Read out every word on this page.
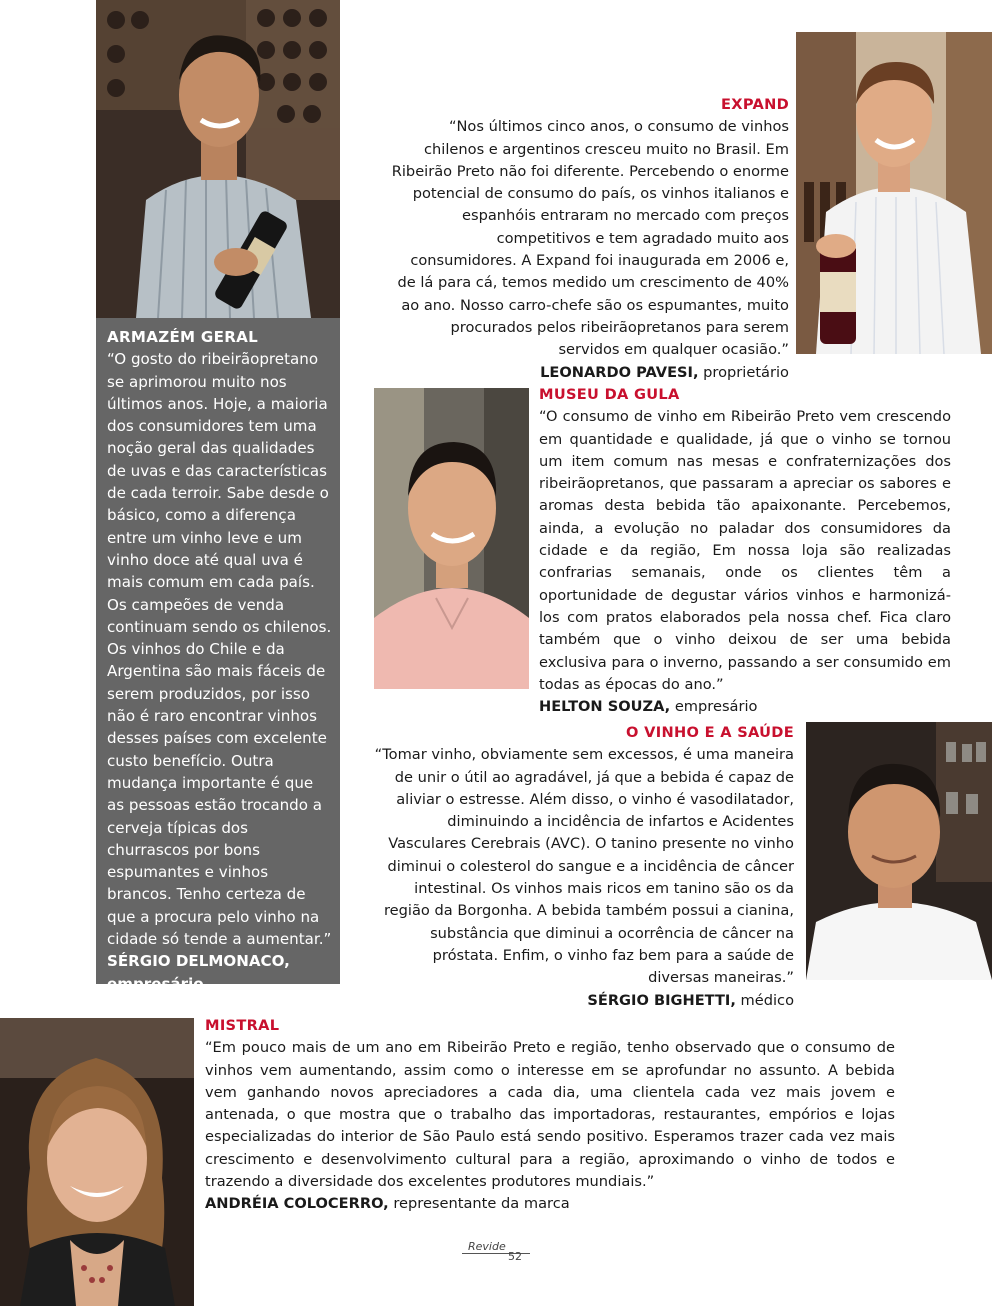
ARMAZÉM GERAL

“O gosto do ribeirãopretano se aprimorou muito nos últimos anos. Hoje, a maioria dos consumidores tem uma noção geral das qualidades de uvas e das características de cada terroir. Sabe desde o básico, como a diferença entre um vinho leve e um vinho doce até qual uva é mais comum em cada país. Os campeões de venda continuam sendo os chilenos. Os vinhos do Chile e da Argentina são mais fáceis de serem produzidos, por isso não é raro encontrar vinhos desses países com excelente custo benefício. Outra mudança importante é que as pessoas estão trocando a cerveja típicas dos churrascos por bons espumantes e vinhos brancos. Tenho certeza de que a procura pelo vinho na cidade só tende a aumentar.”

SÉRGIO DELMONACO,
empresário
EXPAND

“Nos últimos cinco anos, o consumo de vinhos chilenos e argentinos cresceu muito no Brasil. Em Ribeirão Preto não foi diferente. Percebendo o enorme potencial de consumo do país, os vinhos italianos e espanhóis entraram no mercado com preços competitivos e tem agradado muito aos consumidores. A Expand foi inaugurada em 2006 e, de lá para cá, temos medido um crescimento de 40% ao ano. Nosso carro-chefe são os espumantes, muito procurados pelos ribeirãopretanos para serem servidos em qualquer ocasião.”

LEONARDO PAVESI, proprietário
MUSEU DA GULA

“O consumo de vinho em Ribeirão Preto vem crescendo em quantidade e qualidade, já que o vinho se tornou um item comum nas mesas e confraternizações dos ribeirãopretanos, que passaram a apreciar os sabores e aromas desta bebida tão apaixonante. Percebemos, ainda, a evolução no paladar dos consumidores da cidade e da região, Em nossa loja são realizadas confrarias semanais, onde os clientes têm a oportunidade de degustar vários vinhos e harmonizá-los com pratos elaborados pela nossa chef. Fica claro também que o vinho deixou de ser uma bebida exclusiva para o inverno, passando a ser consumido em todas as épocas do ano.”

HELTON SOUZA, empresário
O VINHO E A SAÚDE

“Tomar vinho, obviamente sem excessos, é uma maneira de unir o útil ao agradável, já que a bebida é capaz de aliviar o estresse. Além disso, o vinho é vasodilatador, diminuindo a incidência de infartos e Acidentes Vasculares Cerebrais (AVC). O tanino presente no vinho diminui o colesterol do sangue e a incidência de câncer intestinal. Os vinhos mais ricos em tanino são os da região da Borgonha. A bebida também possui a cianina, substância que diminui a ocorrência de câncer na próstata. Enfim, o vinho faz bem para a saúde de diversas maneiras.”

SÉRGIO BIGHETTI, médico
MISTRAL

“Em pouco mais de um ano em Ribeirão Preto e região, tenho observado que o consumo de vinhos vem aumentando, assim como o interesse em se aprofundar no assunto. A bebida vem ganhando novos apreciadores a cada dia, uma clientela cada vez mais jovem e antenada, o que mostra que o trabalho das importadoras, restaurantes, empórios e lojas especializadas do interior de São Paulo está sendo positivo. Esperamos trazer cada vez mais crescimento e desenvolvimento cultural para a região, aproximando o vinho de todos e trazendo a diversidade dos excelentes produtores mundiais.”

ANDRÉIA COLOCERRO, representante da marca
Revide
52
